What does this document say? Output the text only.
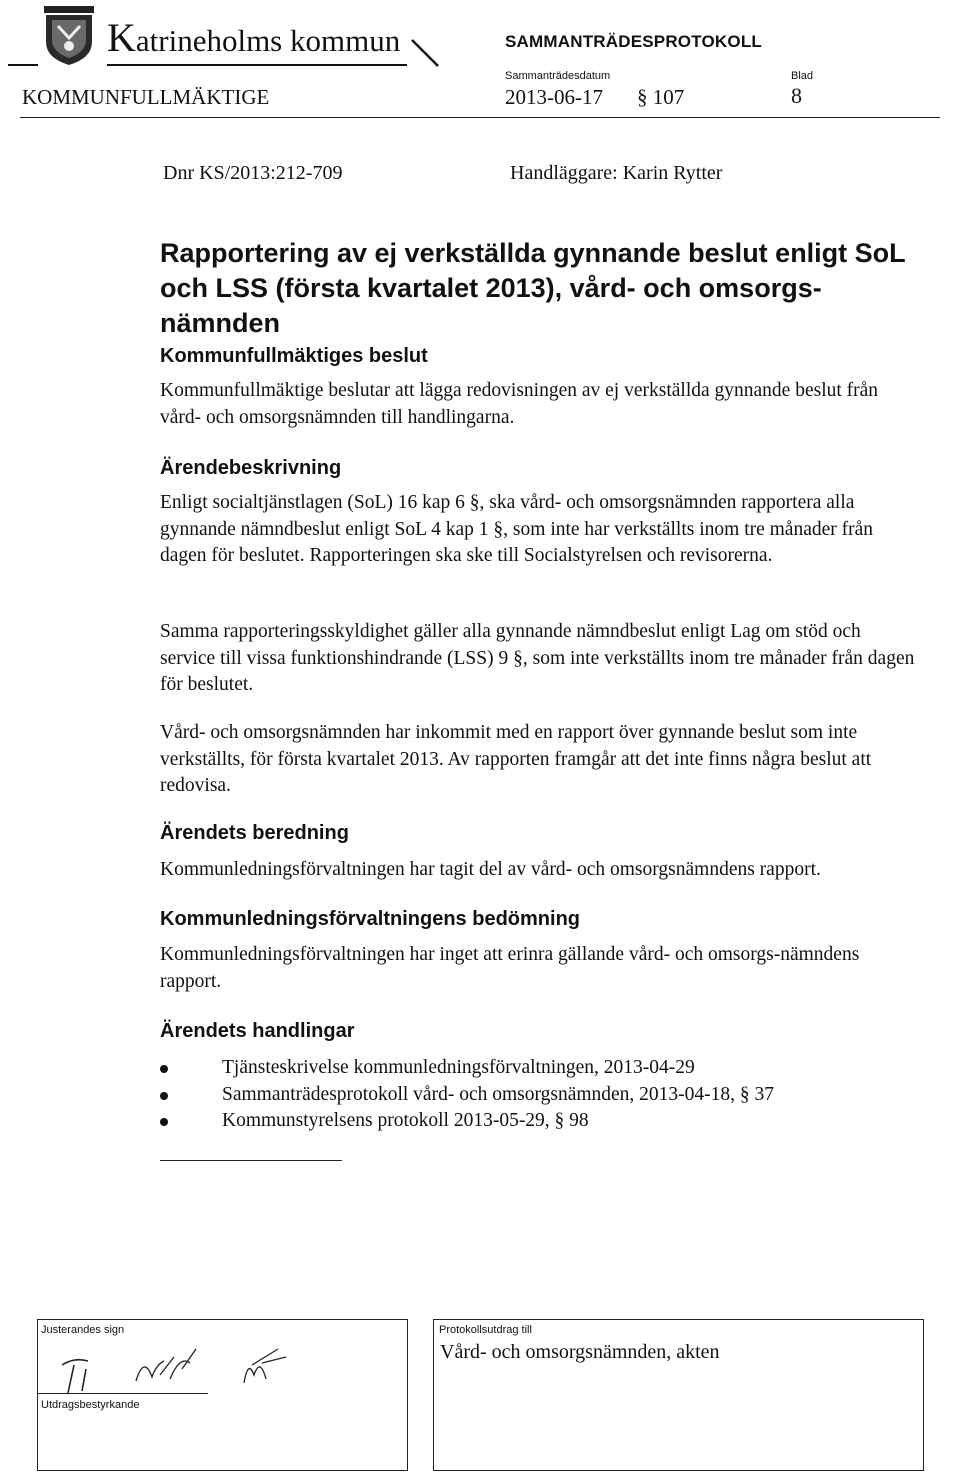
Katrineholms kommun	SAMMANTRÄDESPROTOKOLL
Sammanträdesdatum	Blad
KOMMUNFULLMÄKTIGE	2013-06-17 § 107	8
Dnr KS/2013:212-709	Handläggare: Karin Rytter
Rapportering av ej verkställda gynnande beslut enligt SoL och LSS (första kvartalet 2013), vård- och omsorgs-nämnden
Kommunfullmäktiges beslut
Kommunfullmäktige beslutar att lägga redovisningen av ej verkställda gynnande beslut från vård- och omsorgsnämnden till handlingarna.
Ärendebeskrivning
Enligt socialtjänstlagen (SoL) 16 kap 6 §, ska vård- och omsorgsnämnden rapportera alla gynnande nämndbeslut enligt SoL 4 kap 1 §, som inte har verkställts inom tre månader från dagen för beslutet. Rapporteringen ska ske till Socialstyrelsen och revisorerna.
Samma rapporteringsskyldighet gäller alla gynnande nämndbeslut enligt Lag om stöd och service till vissa funktionshindrande (LSS) 9 §, som inte verkställts inom tre månader från dagen för beslutet.
Vård- och omsorgsnämnden har inkommit med en rapport över gynnande beslut som inte verkställts, för första kvartalet 2013. Av rapporten framgår att det inte finns några beslut att redovisa.
Ärendets beredning
Kommunledningsförvaltningen har tagit del av vård- och omsorgsnämndens rapport.
Kommunledningsförvaltningens bedömning
Kommunledningsförvaltningen har inget att erinra gällande vård- och omsorgs-nämndens rapport.
Ärendets handlingar
Tjänsteskrivelse kommunledningsförvaltningen, 2013-04-29
Sammanträdesprotokoll vård- och omsorgsnämnden, 2013-04-18, § 37
Kommunstyrelsens protokoll 2013-05-29, § 98
Justerandes sign
Utdragsbestyrkande
Protokollsutdrag till
Vård- och omsorgsnämnden, akten
